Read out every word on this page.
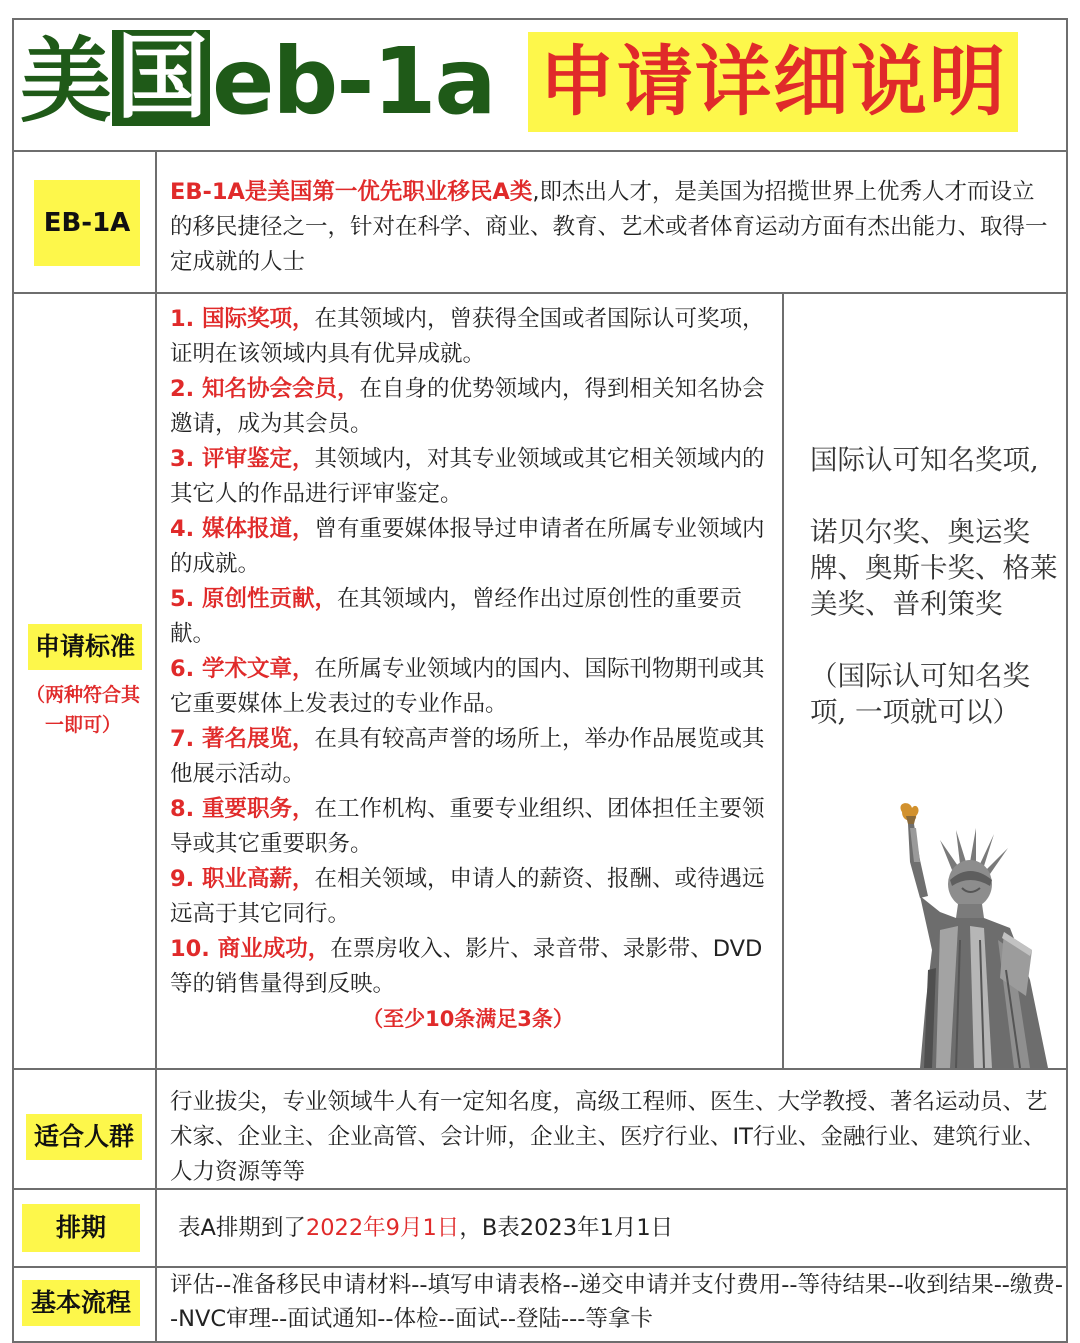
美国eb-1a 申请详细说明
EB-1A
EB-1A是美国第一优先职业移民A类,即杰出人才，是美国为招揽世界上优秀人才而设立的移民捷径之一，针对在科学、商业、教育、艺术或者体育运动方面有杰出能力、取得一定成就的人士
申请标准
（两种符合其一即可）
1. 国际奖项，在其领域内，曾获得全国或者国际认可奖项，证明在该领域内具有优异成就。
2. 知名协会会员，在自身的优势领域内，得到相关知名协会邀请，成为其会员。
3. 评审鉴定，其领域内，对其专业领域或其它相关领域内的其它人的作品进行评审鉴定。
4. 媒体报道，曾有重要媒体报导过申请者在所属专业领域内的成就。
5. 原创性贡献，在其领域内，曾经作出过原创性的重要贡献。
6. 学术文章，在所属专业领域内的国内、国际刊物期刊或其它重要媒体上发表过的专业作品。
7. 著名展览，在具有较高声誉的场所上，举办作品展览或其他展示活动。
8. 重要职务，在工作机构、重要专业组织、团体担任主要领导或其它重要职务。
9. 职业高薪，在相关领域，申请人的薪资、报酬、或待遇远远高于其它同行。
10. 商业成功，在票房收入、影片、录音带、录影带、DVD等的销售量得到反映。
（至少10条满足3条）

国际认可知名奖项,

诺贝尔奖、奥运奖牌、奥斯卡奖、格莱美奖、普利策奖

（国际认可知名奖项, 一项就可以）

适合人群
行业拔尖，专业领域牛人有一定知名度，高级工程师、医生、大学教授、著名运动员、艺术家、企业主、企业高管、会计师，企业主、医疗行业、IT行业、金融行业、建筑行业、人力资源等等
排期	表A排期到了2022年9月1日，B表2023年1月1日
基本流程
评估--准备移民申请材料--填写申请表格--递交申请并支付费用--等待结果--收到结果--缴费--NVC审理--面试通知--体检--面试--登陆---等拿卡
